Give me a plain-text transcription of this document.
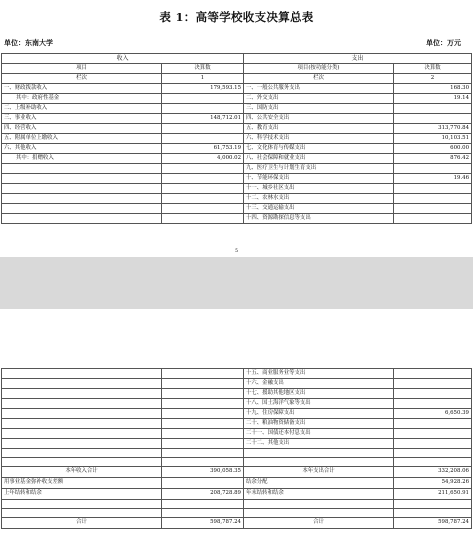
表 1：高等学校收支决算总表
单位：东南大学	单位：万元
收入		支出	
项目	决算数	项目(按功能分类)	决算数
栏次	1	栏次	2
一、财政拨款收入	179,593.15	一、一般公共服务支出	168.30
其中：政府性基金		二、外交支出	19.14
二、上级补助收入		三、国防支出	
三、事业收入	148,712.01	四、公共安全支出	
四、经营收入		五、教育支出	313,770.84
五、附属单位上缴收入		六、科学技术支出	10,103.51
六、其他收入	61,753.19	七、文化体育与传媒支出	600.00
其中：捐赠收入	4,000.02	八、社会保障和就业支出	876.42
		九、医疗卫生与计划生育支出	
		十、节能环保支出	19.46
		十一、城乡社区支出	
		十二、农林水支出	
		十三、交通运输支出	
		十四、资源勘探信息等支出	
5
		十五、商业服务业等支出	
		十六、金融支出	
		十七、援助其他地区支出	
		十八、国土海洋气象等支出	
		十九、住房保障支出	6,650.39
		二十、粮油物资储备支出	
		二十一、国债还本付息支出	
		二十二、其他支出	

本年收入合计	390,058.35	本年支出合计	332,208.06
用事业基金弥补收支差额		结余分配	54,928.26
上年结转和结余	208,728.89	年末结转和结余	211,650.91

合计	598,787.24	合计	598,787.24
